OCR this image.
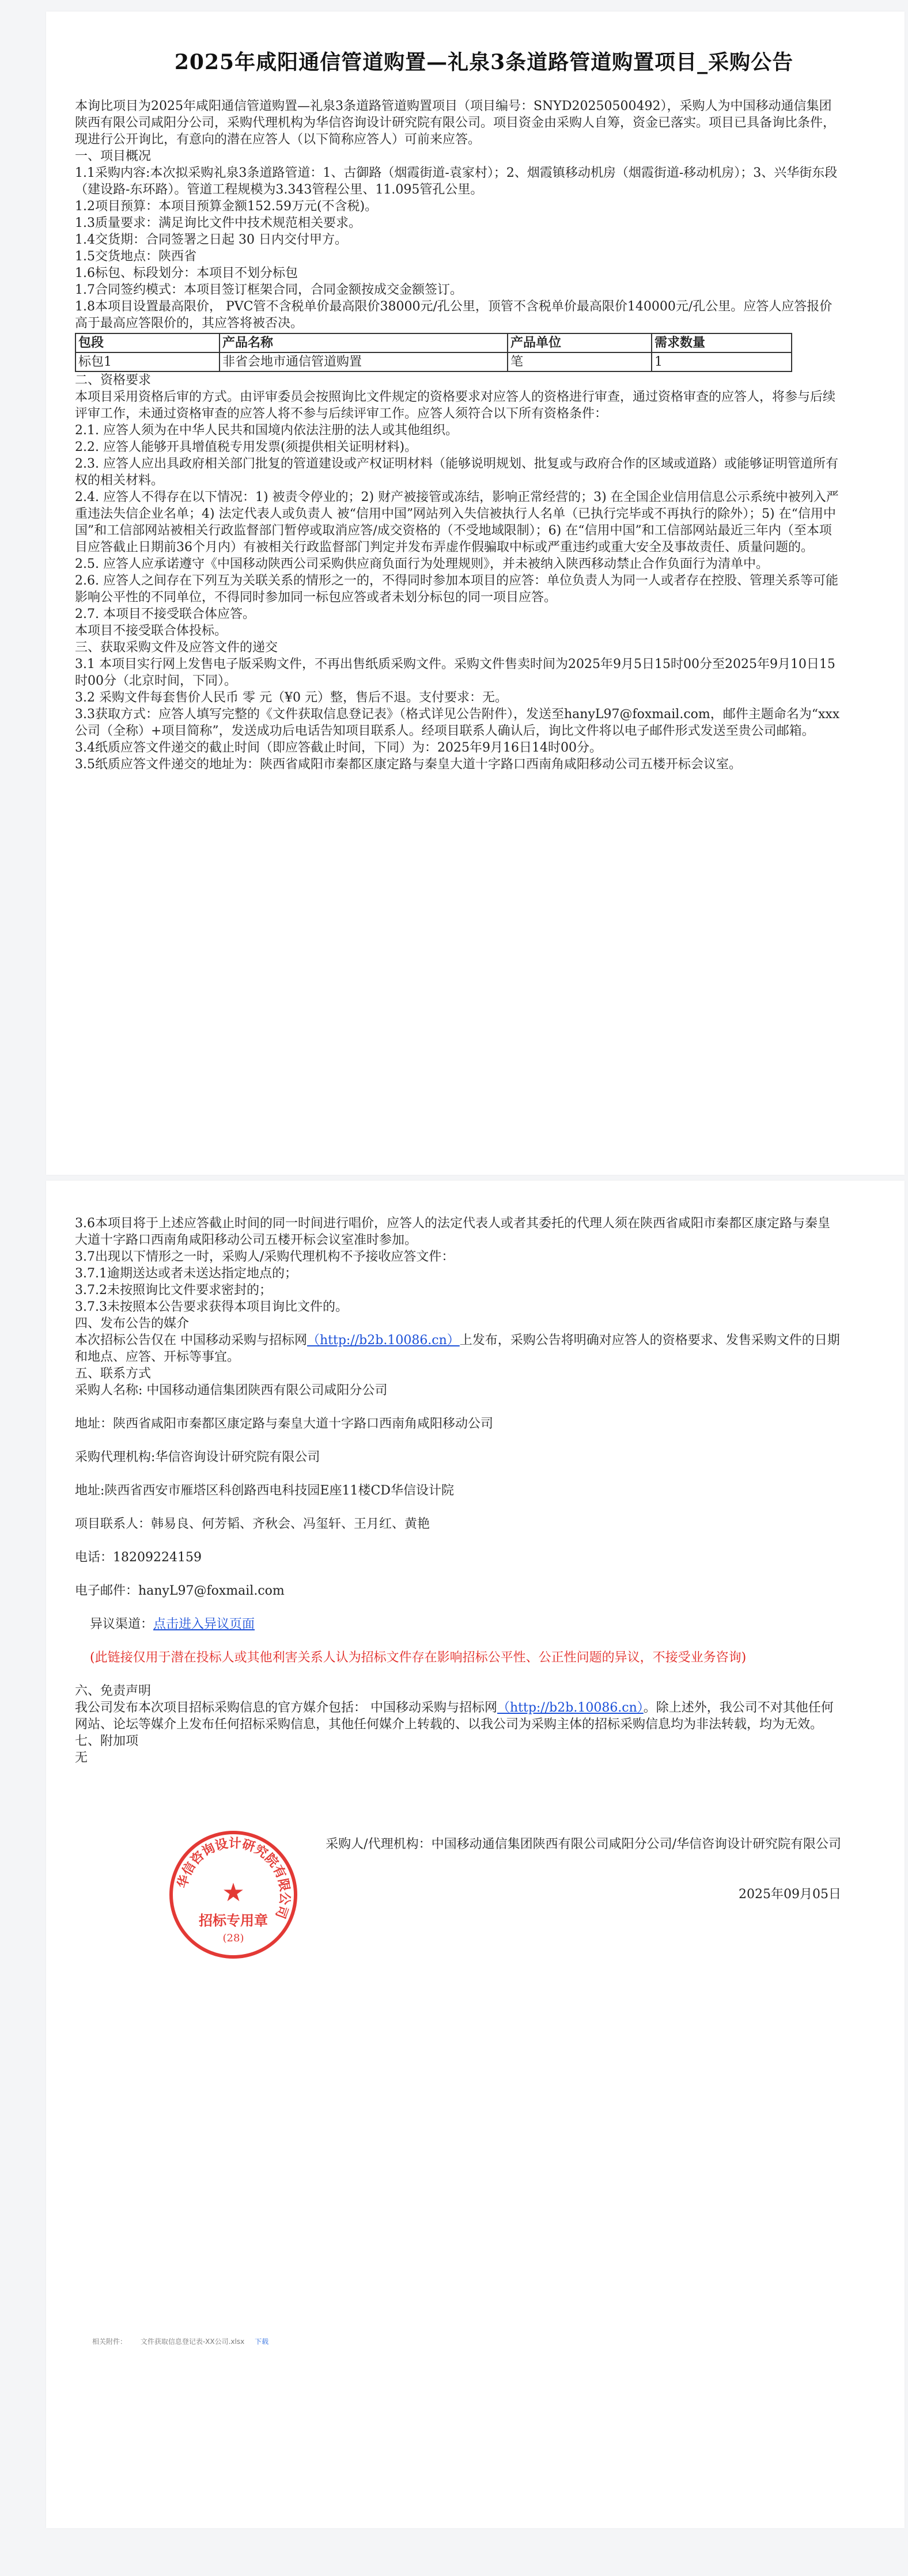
2025年咸阳通信管道购置—礼泉3条道路管道购置项目_采购公告

本询比项目为2025年咸阳通信管道购置—礼泉3条道路管道购置项目（项目编号：SNYD20250500492），采购人为中国移动通信集团陕西有限公司咸阳分公司，采购代理机构为华信咨询设计研究院有限公司。项目资金由采购人自筹，资金已落实。项目已具备询比条件，现进行公开询比，有意向的潜在应答人（以下简称应答人）可前来应答。

一、项目概况

1.1采购内容:本次拟采购礼泉3条道路管道：1、古御路（烟霞街道-袁家村）；2、烟霞镇移动机房（烟霞街道-移动机房）；3、兴华街东段（建设路-东环路）。管道工程规模为3.343管程公里、11.095管孔公里。

1.2项目预算：本项目预算金额152.59万元(不含税)。

1.3质量要求：满足询比文件中技术规范相关要求。

1.4交货期：合同签署之日起 30 日内交付甲方。

1.5交货地点：陕西省

1.6标包、标段划分：本项目不划分标包

1.7合同签约模式：本项目签订框架合同，合同金额按成交金额签订。

1.8本项目设置最高限价， PVC管不含税单价最高限价38000元/孔公里，顶管不含税单价最高限价140000元/孔公里。应答人应答报价高于最高应答限价的，其应答将被否决。

包段	产品名称	产品单位	需求数量
标包1	非省会地市通信管道购置	笔	1

二、资格要求

本项目采用资格后审的方式。由评审委员会按照询比文件规定的资格要求对应答人的资格进行审查，通过资格审查的应答人，将参与后续评审工作，未通过资格审查的应答人将不参与后续评审工作。应答人须符合以下所有资格条件：

2.1. 应答人须为在中华人民共和国境内依法注册的法人或其他组织。

2.2. 应答人能够开具增值税专用发票(须提供相关证明材料)。

2.3. 应答人应出具政府相关部门批复的管道建设或产权证明材料（能够说明规划、批复或与政府合作的区域或道路）或能够证明管道所有权的相关材料。

2.4. 应答人不得存在以下情况：1) 被责令停业的；2) 财产被接管或冻结，影响正常经营的；3) 在全国企业信用信息公示系统中被列入严重违法失信企业名单；4) 法定代表人或负责人 被“信用中国”网站列入失信被执行人名单（已执行完毕或不再执行的除外）；5) 在“信用中国”和工信部网站被相关行政监督部门暂停或取消应答/成交资格的（不受地域限制）；6) 在“信用中国”和工信部网站最近三年内（至本项目应答截止日期前36个月内）有被相关行政监督部门判定并发布弄虚作假骗取中标或严重违约或重大安全及事故责任、质量问题的。

2.5. 应答人应承诺遵守《中国移动陕西公司采购供应商负面行为处理规则》，并未被纳入陕西移动禁止合作负面行为清单中。

2.6. 应答人之间存在下列互为关联关系的情形之一的，不得同时参加本项目的应答：单位负责人为同一人或者存在控股、管理关系等可能影响公平性的不同单位，不得同时参加同一标包应答或者未划分标包的同一项目应答。

2.7. 本项目不接受联合体应答。

本项目不接受联合体投标。

三、获取采购文件及应答文件的递交

3.1 本项目实行网上发售电子版采购文件，不再出售纸质采购文件。采购文件售卖时间为2025年9月5日15时00分至2025年9月10日15时00分（北京时间，下同）。

3.2 采购文件每套售价人民币 零 元（¥0 元）整，售后不退。支付要求：无。

3.3获取方式：应答人填写完整的《文件获取信息登记表》（格式详见公告附件），发送至hanyL97@foxmail.com，邮件主题命名为“xxx公司（全称）+项目简称”，发送成功后电话告知项目联系人。经项目联系人确认后，询比文件将以电子邮件形式发送至贵公司邮箱。

3.4纸质应答文件递交的截止时间（即应答截止时间，下同）为：2025年9月16日14时00分。

3.5纸质应答文件递交的地址为：陕西省咸阳市秦都区康定路与秦皇大道十字路口西南角咸阳移动公司五楼开标会议室。

3.6本项目将于上述应答截止时间的同一时间进行唱价，应答人的法定代表人或者其委托的代理人须在陕西省咸阳市秦都区康定路与秦皇大道十字路口西南角咸阳移动公司五楼开标会议室准时参加。

3.7出现以下情形之一时，采购人/采购代理机构不予接收应答文件：

3.7.1逾期送达或者未送达指定地点的；

3.7.2未按照询比文件要求密封的；

3.7.3未按照本公告要求获得本项目询比文件的。

四、发布公告的媒介

本次招标公告仅在 中国移动采购与招标网（http://b2b.10086.cn）上发布，采购公告将明确对应答人的资格要求、发售采购文件的日期和地点、应答、开标等事宜。

五、联系方式

采购人名称: 中国移动通信集团陕西有限公司咸阳分公司

地址：陕西省咸阳市秦都区康定路与秦皇大道十字路口西南角咸阳移动公司

采购代理机构:华信咨询设计研究院有限公司

地址:陕西省西安市雁塔区科创路西电科技园E座11楼CD华信设计院

项目联系人：韩易良、何芳韬、齐秋会、冯玺轩、王月红、黄艳

电话：18209224159

电子邮件：hanyL97@foxmail.com

异议渠道：点击进入异议页面

(此链接仅用于潜在投标人或其他利害关系人认为招标文件存在影响招标公平性、公正性问题的异议，不接受业务咨询)

六、免责声明

我公司发布本次项目招标采购信息的官方媒介包括： 中国移动采购与招标网（http://b2b.10086.cn）。除上述外，我公司不对其他任何网站、论坛等媒介上发布任何招标采购信息，其他任何媒介上转载的、以我公司为采购主体的招标采购信息均为非法转载，均为无效。

七、附加项

无

采购人/代理机构：中国移动通信集团陕西有限公司咸阳分公司/华信咨询设计研究院有限公司

2025年09月05日

华信咨询设计研究院有限公司
★
招标专用章
(28)
相关附件： 文件获取信息登记表-XX公司.xlsx 下载
